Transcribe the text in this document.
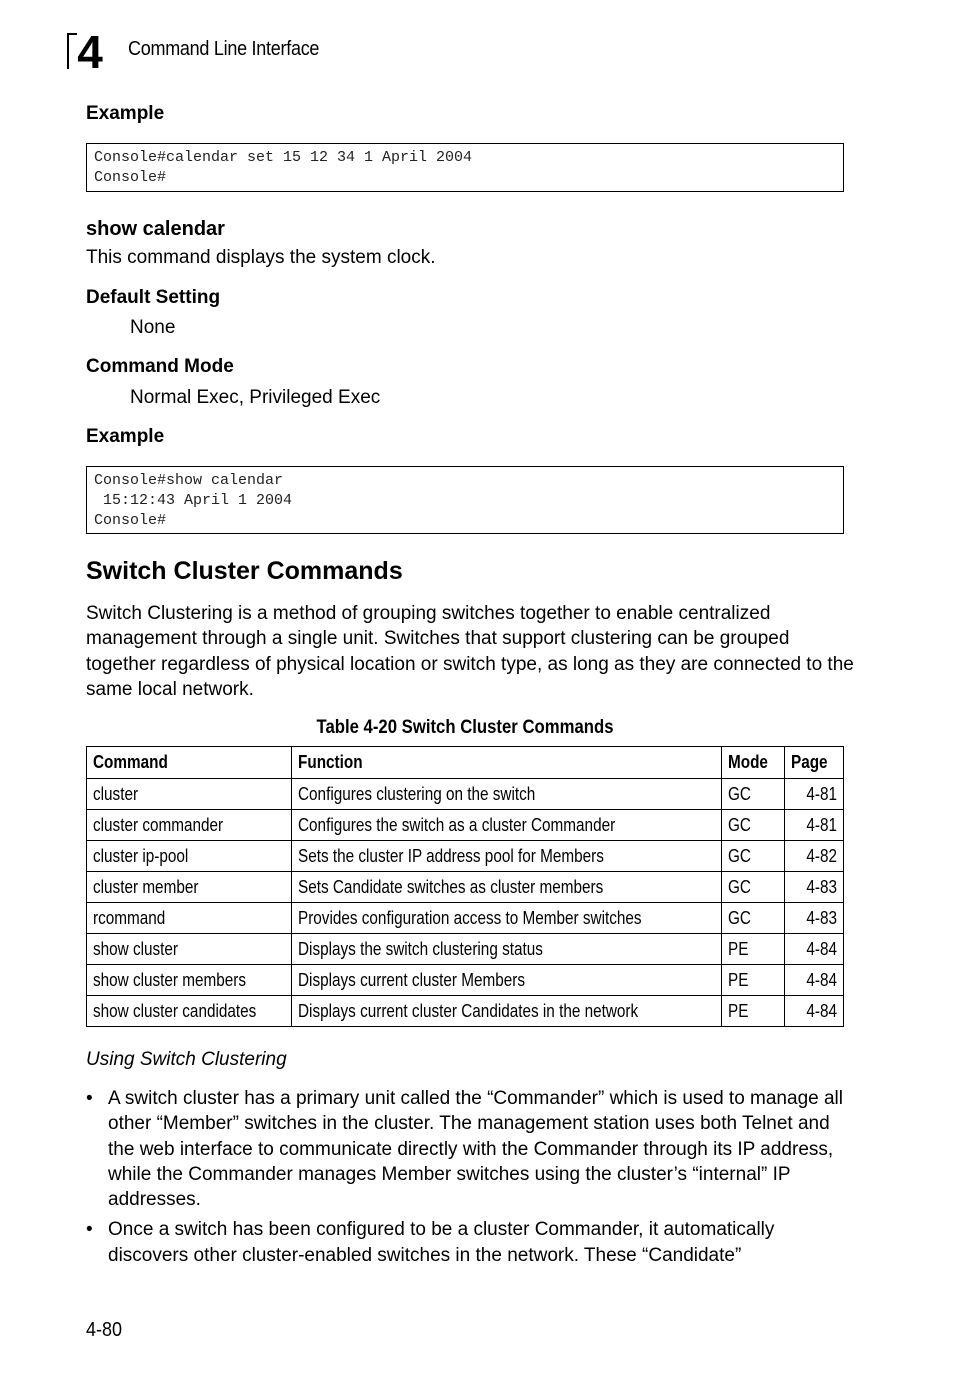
4 Command Line Interface
Example
Console#calendar set 15 12 34 1 April 2004
Console#
show calendar
This command displays the system clock.
Default Setting
None
Command Mode
Normal Exec, Privileged Exec
Example
Console#show calendar
15:12:43 April 1 2004
Console#
Switch Cluster Commands
Switch Clustering is a method of grouping switches together to enable centralized management through a single unit. Switches that support clustering can be grouped together regardless of physical location or switch type, as long as they are connected to the same local network.
Table 4-20 Switch Cluster Commands
Command	Function	Mode	Page
cluster	Configures clustering on the switch	GC	4-81
cluster commander	Configures the switch as a cluster Commander	GC	4-81
cluster ip-pool	Sets the cluster IP address pool for Members	GC	4-82
cluster member	Sets Candidate switches as cluster members	GC	4-83
rcommand	Provides configuration access to Member switches	GC	4-83
show cluster	Displays the switch clustering status	PE	4-84
show cluster members	Displays current cluster Members	PE	4-84
show cluster candidates	Displays current cluster Candidates in the network	PE	4-84
Using Switch Clustering
• A switch cluster has a primary unit called the “Commander” which is used to manage all other “Member” switches in the cluster. The management station uses both Telnet and the web interface to communicate directly with the Commander through its IP address, while the Commander manages Member switches using the cluster’s “internal” IP addresses.
• Once a switch has been configured to be a cluster Commander, it automatically discovers other cluster-enabled switches in the network. These “Candidate”
4-80
